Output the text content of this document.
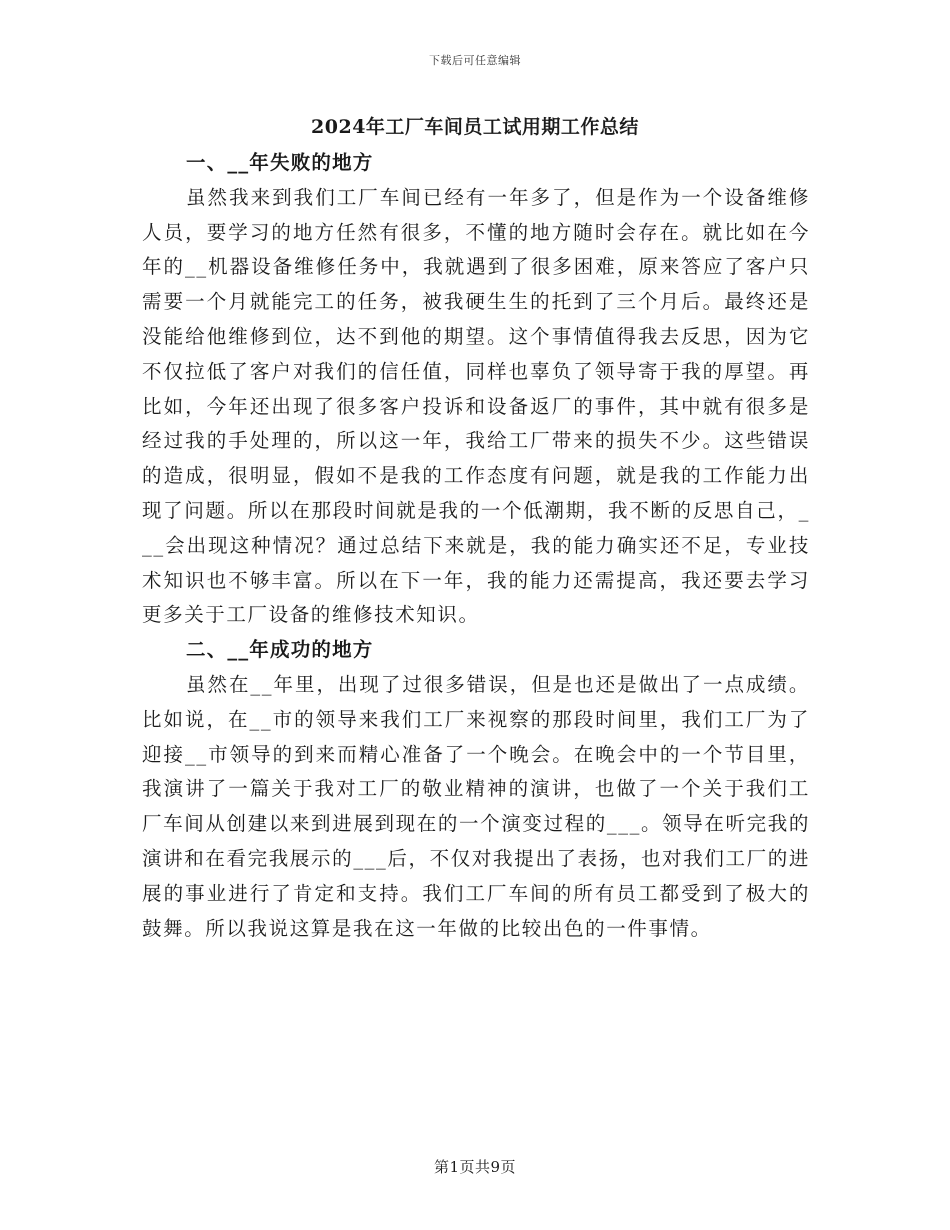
下载后可任意编辑
2024年工厂车间员工试用期工作总结

一、__年失败的地方

虽然我来到我们工厂车间已经有一年多了，但是作为一个设备维修人员，要学习的地方任然有很多，不懂的地方随时会存在。就比如在今年的__机器设备维修任务中，我就遇到了很多困难，原来答应了客户只需要一个月就能完工的任务，被我硬生生的托到了三个月后。最终还是没能给他维修到位，达不到他的期望。这个事情值得我去反思，因为它不仅拉低了客户对我们的信任值，同样也辜负了领导寄于我的厚望。再比如，今年还出现了很多客户投诉和设备返厂的事件，其中就有很多是经过我的手处理的，所以这一年，我给工厂带来的损失不少。这些错误的造成，很明显，假如不是我的工作态度有问题，就是我的工作能力出现了问题。所以在那段时间就是我的一个低潮期，我不断的反思自己，___会出现这种情况？通过总结下来就是，我的能力确实还不足，专业技术知识也不够丰富。所以在下一年，我的能力还需提高，我还要去学习更多关于工厂设备的维修技术知识。

二、__年成功的地方

虽然在__年里，出现了过很多错误，但是也还是做出了一点成绩。比如说，在__市的领导来我们工厂来视察的那段时间里，我们工厂为了迎接__市领导的到来而精心准备了一个晚会。在晚会中的一个节目里，我演讲了一篇关于我对工厂的敬业精神的演讲，也做了一个关于我们工厂车间从创建以来到进展到现在的一个演变过程的___。领导在听完我的演讲和在看完我展示的___后，不仅对我提出了表扬，也对我们工厂的进展的事业进行了肯定和支持。我们工厂车间的所有员工都受到了极大的鼓舞。所以我说这算是我在这一年做的比较出色的一件事情。

第1页共9页
